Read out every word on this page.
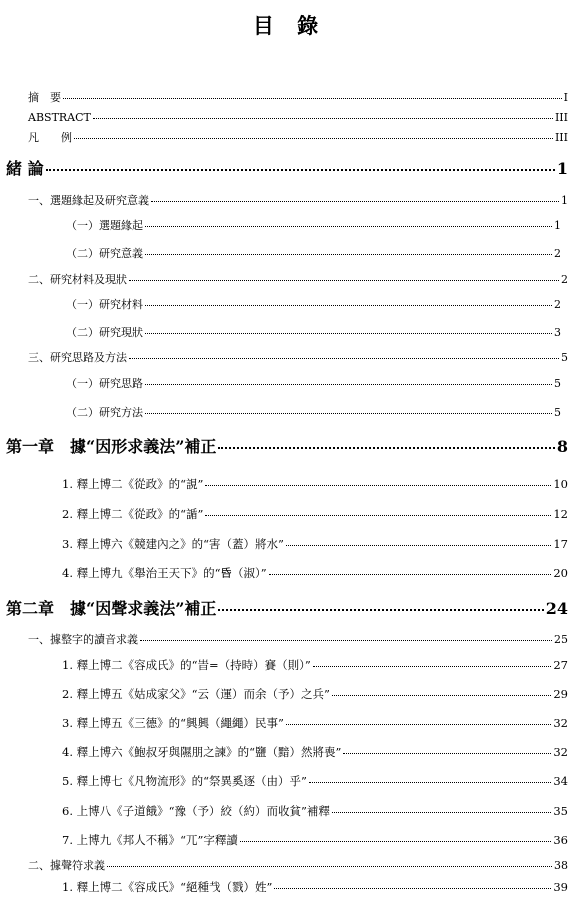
目 錄
摘　要	I
ABSTRACT	III
凡　　例	III
緒 論	1
一、選題緣起及研究意義	1
（一）選題緣起	1
（二）研究意義	2
二、研究材料及現狀	2
（一）研究材料	2
（二）研究現狀	3
三、研究思路及方法	5
（一）研究思路	5
（二）研究方法	5
第一章　據“因形求義法”補正	8
1. 釋上博二《從政》的“誢”	10
2. 釋上博二《從政》的“䛻”	12
3. 釋上博六《競建內之》的“害（蓋）將水”	17
4. 釋上博九《舉治王天下》的“𠯑（淑）”	20
第二章　據“因聲求義法”補正	24
一、據整字的讀音求義	25
1. 釋上博二《容成氏》的“旹=（持時）賽（則）”	27
2. 釋上博五《姑成家父》“云（運）而余（予）之兵”	29
3. 釋上博五《三德》的“興興（繩繩）民事”	32
4. 釋上博六《鮑叔牙與隰朋之諫》的“鹽（黯）然將喪”	32
5. 釋上博七《凡物流形》的“祭異奚逐（由）乎”	34
6. 上博八《子道餓》“豫（予）絞（約）而收貧”補釋	35
7. 上博九《邦人不稱》“兀”字釋讀	36
二、據聲符求義	38
1. 釋上博二《容成氏》“絕種𢦏（戮）姓”	39
